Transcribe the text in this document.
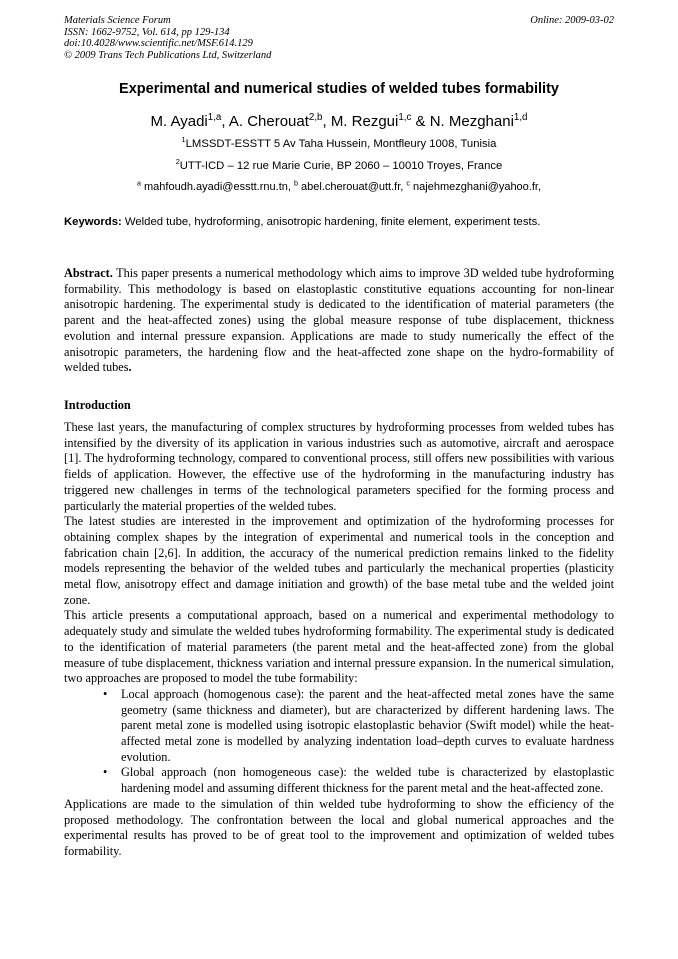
Materials Science Forum
ISSN: 1662-9752, Vol. 614, pp 129-134
doi:10.4028/www.scientific.net/MSF.614.129
© 2009 Trans Tech Publications Ltd, Switzerland
Online: 2009-03-02
Experimental and numerical studies of welded tubes formability
M. Ayadi$^{1,a}$, A. Cherouat$^{2,b}$, M. Rezgui$^{1,c}$ & N. Mezghani$^{1,d}$
$^1$LMSSDT-ESSTT 5 Av Taha Hussein, Montfleury 1008, Tunisia
$^2$UTT-ICD – 12 rue Marie Curie, BP 2060 – 10010 Troyes, France
$^a$ mahfoudh.ayadi@esstt.rnu.tn, $^b$ abel.cherouat@utt.fr, $^c$ najehmezghani@yahoo.fr,
Keywords: Welded tube, hydroforming, anisotropic hardening, finite element, experiment tests.
Abstract. This paper presents a numerical methodology which aims to improve 3D welded tube hydroforming formability. This methodology is based on elastoplastic constitutive equations accounting for non-linear anisotropic hardening. The experimental study is dedicated to the identification of material parameters (the parent and the heat-affected zones) using the global measure response of tube displacement, thickness evolution and internal pressure expansion. Applications are made to study numerically the effect of the anisotropic parameters, the hardening flow and the heat-affected zone shape on the hydro-formability of welded tubes.
Introduction

These last years, the manufacturing of complex structures by hydroforming processes from welded tubes has intensified by the diversity of its application in various industries such as automotive, aircraft and aerospace [1]. The hydroforming technology, compared to conventional process, still offers new possibilities with various fields of application. However, the effective use of the hydroforming in the manufacturing industry has triggered new challenges in terms of the technological parameters specified for the forming process and particularly the material properties of the welded tubes.

The latest studies are interested in the improvement and optimization of the hydroforming processes for obtaining complex shapes by the integration of experimental and numerical tools in the conception and fabrication chain [2,6]. In addition, the accuracy of the numerical prediction remains linked to the fidelity models representing the behavior of the welded tubes and particularly the mechanical properties (plasticity metal flow, anisotropy effect and damage initiation and growth) of the base metal tube and the welded joint zone.

This article presents a computational approach, based on a numerical and experimental methodology to adequately study and simulate the welded tubes hydroforming formability. The experimental study is dedicated to the identification of material parameters (the parent metal and the heat-affected zone) from the global measure of tube displacement, thickness variation and internal pressure expansion. In the numerical simulation, two approaches are proposed to model the tube formability:

• Local approach (homogenous case): the parent and the heat-affected metal zones have the same geometry (same thickness and diameter), but are characterized by different hardening laws. The parent metal zone is modelled using isotropic elastoplastic behavior (Swift model) while the heat-affected metal zone is modelled by analyzing indentation load–depth curves to evaluate hardness evolution.
• Global approach (non homogeneous case): the welded tube is characterized by elastoplastic hardening model and assuming different thickness for the parent metal and the heat-affected zone.

Applications are made to the simulation of thin welded tube hydroforming to show the efficiency of the proposed methodology. The confrontation between the local and global numerical approaches and the experimental results has proved to be of great tool to the improvement and optimization of welded tubes formability.
